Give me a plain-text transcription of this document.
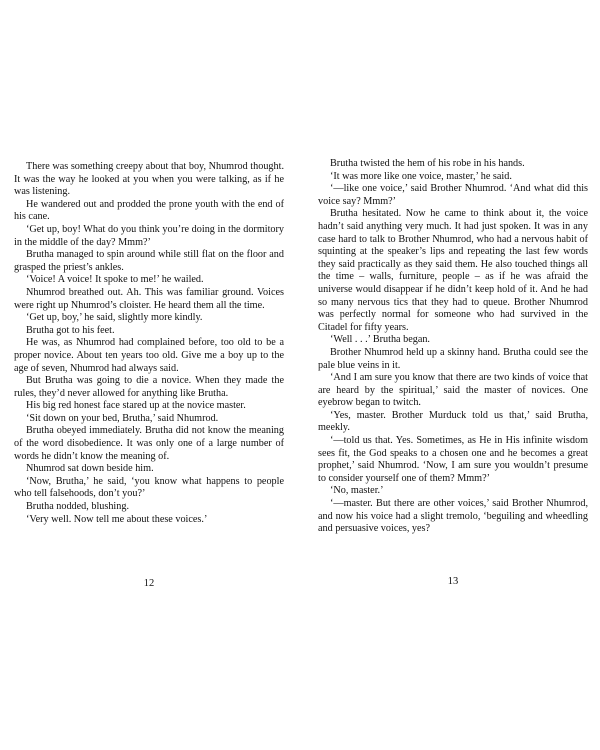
There was something creepy about that boy, Nhumrod thought. It was the way he looked at you when you were talking, as if he was listening.

He wandered out and prodded the prone youth with the end of his cane.

‘Get up, boy! What do you think you’re doing in the dormitory in the middle of the day? Mmm?’

Brutha managed to spin around while still flat on the floor and grasped the priest’s ankles.

‘Voice! A voice! It spoke to me!’ he wailed.

Nhumrod breathed out. Ah. This was familiar ground. Voices were right up Nhumrod’s cloister. He heard them all the time.

‘Get up, boy,’ he said, slightly more kindly.

Brutha got to his feet.

He was, as Nhumrod had complained before, too old to be a proper novice. About ten years too old. Give me a boy up to the age of seven, Nhumrod had always said.

But Brutha was going to die a novice. When they made the rules, they’d never allowed for anything like Brutha.

His big red honest face stared up at the novice master.

‘Sit down on your bed, Brutha,’ said Nhumrod.

Brutha obeyed immediately. Brutha did not know the meaning of the word disobedience. It was only one of a large number of words he didn’t know the meaning of.

Nhumrod sat down beside him.

‘Now, Brutha,’ he said, ‘you know what happens to people who tell falsehoods, don’t you?’

Brutha nodded, blushing.

‘Very well. Now tell me about these voices.’

12

Brutha twisted the hem of his robe in his hands.

‘It was more like one voice, master,’ he said.

‘—like one voice,’ said Brother Nhumrod. ‘And what did this voice say? Mmm?’

Brutha hesitated. Now he came to think about it, the voice hadn’t said anything very much. It had just spoken. It was in any case hard to talk to Brother Nhumrod, who had a nervous habit of squinting at the speaker’s lips and repeating the last few words they said practically as they said them. He also touched things all the time – walls, furniture, people – as if he was afraid the universe would disappear if he didn’t keep hold of it. And he had so many nervous tics that they had to queue. Brother Nhumrod was perfectly normal for someone who had survived in the Citadel for fifty years.

‘Well . . .’ Brutha began.

Brother Nhumrod held up a skinny hand. Brutha could see the pale blue veins in it.

‘And I am sure you know that there are two kinds of voice that are heard by the spiritual,’ said the master of novices. One eyebrow began to twitch.

‘Yes, master. Brother Murduck told us that,’ said Brutha, meekly.

‘—told us that. Yes. Sometimes, as He in His infinite wisdom sees fit, the God speaks to a chosen one and he becomes a great prophet,’ said Nhumrod. ‘Now, I am sure you wouldn’t presume to consider yourself one of them? Mmm?’

‘No, master.’

‘—master. But there are other voices,’ said Brother Nhumrod, and now his voice had a slight tremolo, ‘beguiling and wheedling and persuasive voices, yes?

13
